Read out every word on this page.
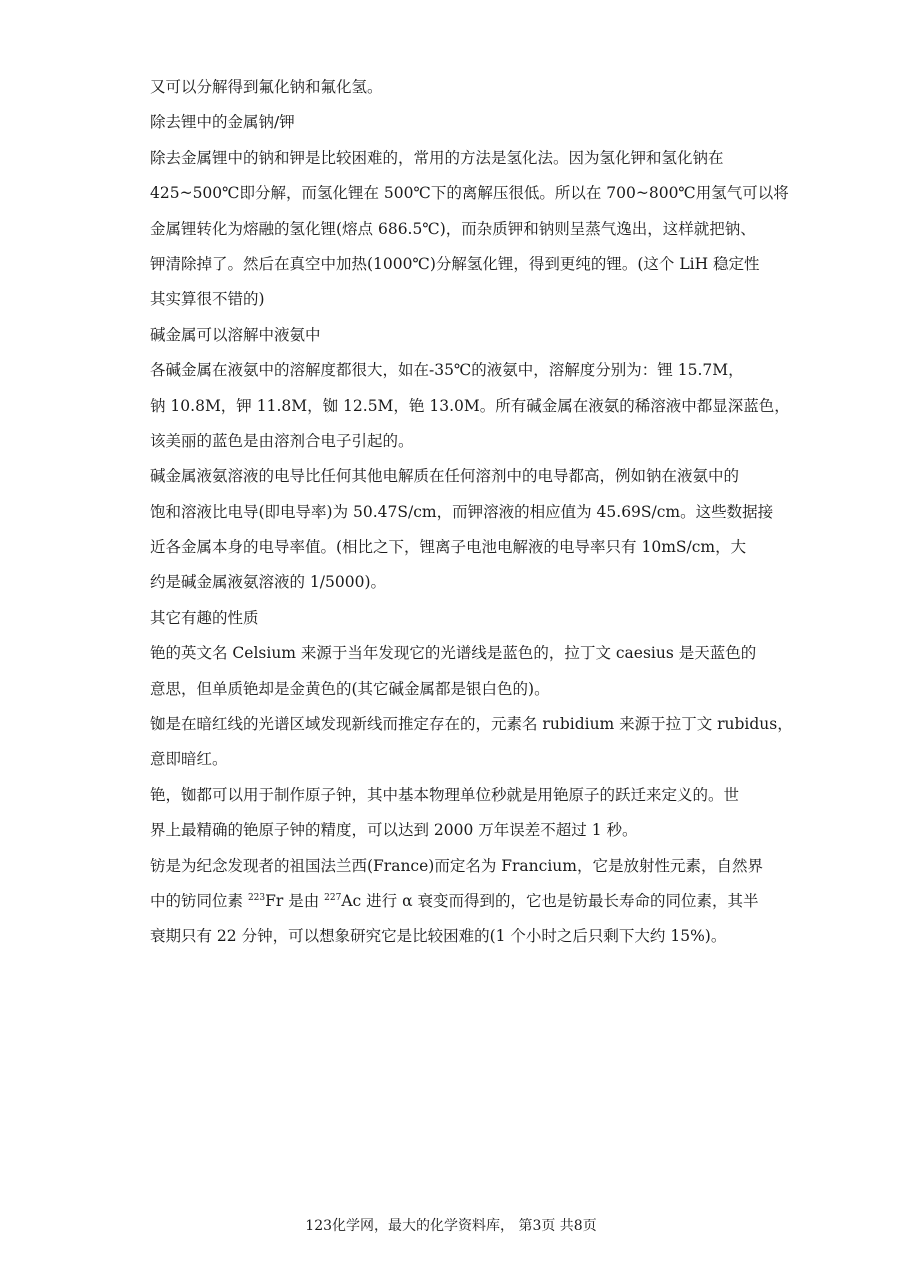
又可以分解得到氟化钠和氟化氢。
除去锂中的金属钠/钾
除去金属锂中的钠和钾是比较困难的，常用的方法是氢化法。因为氢化钾和氢化钠在
425~500℃即分解，而氢化锂在 500℃下的离解压很低。所以在 700~800℃用氢气可以将
金属锂转化为熔融的氢化锂(熔点 686.5℃)，而杂质钾和钠则呈蒸气逸出，这样就把钠、
钾清除掉了。然后在真空中加热(1000℃)分解氢化锂，得到更纯的锂。(这个 LiH 稳定性
其实算很不错的)
碱金属可以溶解中液氨中
各碱金属在液氨中的溶解度都很大，如在-35℃的液氨中，溶解度分别为：锂 15.7M，
钠 10.8M，钾 11.8M，铷 12.5M，铯 13.0M。所有碱金属在液氨的稀溶液中都显深蓝色，
该美丽的蓝色是由溶剂合电子引起的。
碱金属液氨溶液的电导比任何其他电解质在任何溶剂中的电导都高，例如钠在液氨中的
饱和溶液比电导(即电导率)为 50.47S/cm，而钾溶液的相应值为 45.69S/cm。这些数据接
近各金属本身的电导率值。(相比之下，锂离子电池电解液的电导率只有 10mS/cm，大
约是碱金属液氨溶液的 1/5000)。
其它有趣的性质
铯的英文名 Celsium 来源于当年发现它的光谱线是蓝色的，拉丁文 caesius 是天蓝色的
意思，但单质铯却是金黄色的(其它碱金属都是银白色的)。
铷是在暗红线的光谱区域发现新线而推定存在的，元素名 rubidium 来源于拉丁文 rubidus，
意即暗红。
铯，铷都可以用于制作原子钟，其中基本物理单位秒就是用铯原子的跃迁来定义的。世
界上最精确的铯原子钟的精度，可以达到 2000 万年误差不超过 1 秒。
钫是为纪念发现者的祖国法兰西(France)而定名为 Francium，它是放射性元素，自然界
中的钫同位素 $^{223}$Fr 是由 $^{227}$Ac 进行 α 衰变而得到的，它也是钫最长寿命的同位素，其半
衰期只有 22 分钟，可以想象研究它是比较困难的(1 个小时之后只剩下大约 15%)。
123化学网，最大的化学资料库， 第3页 共8页
